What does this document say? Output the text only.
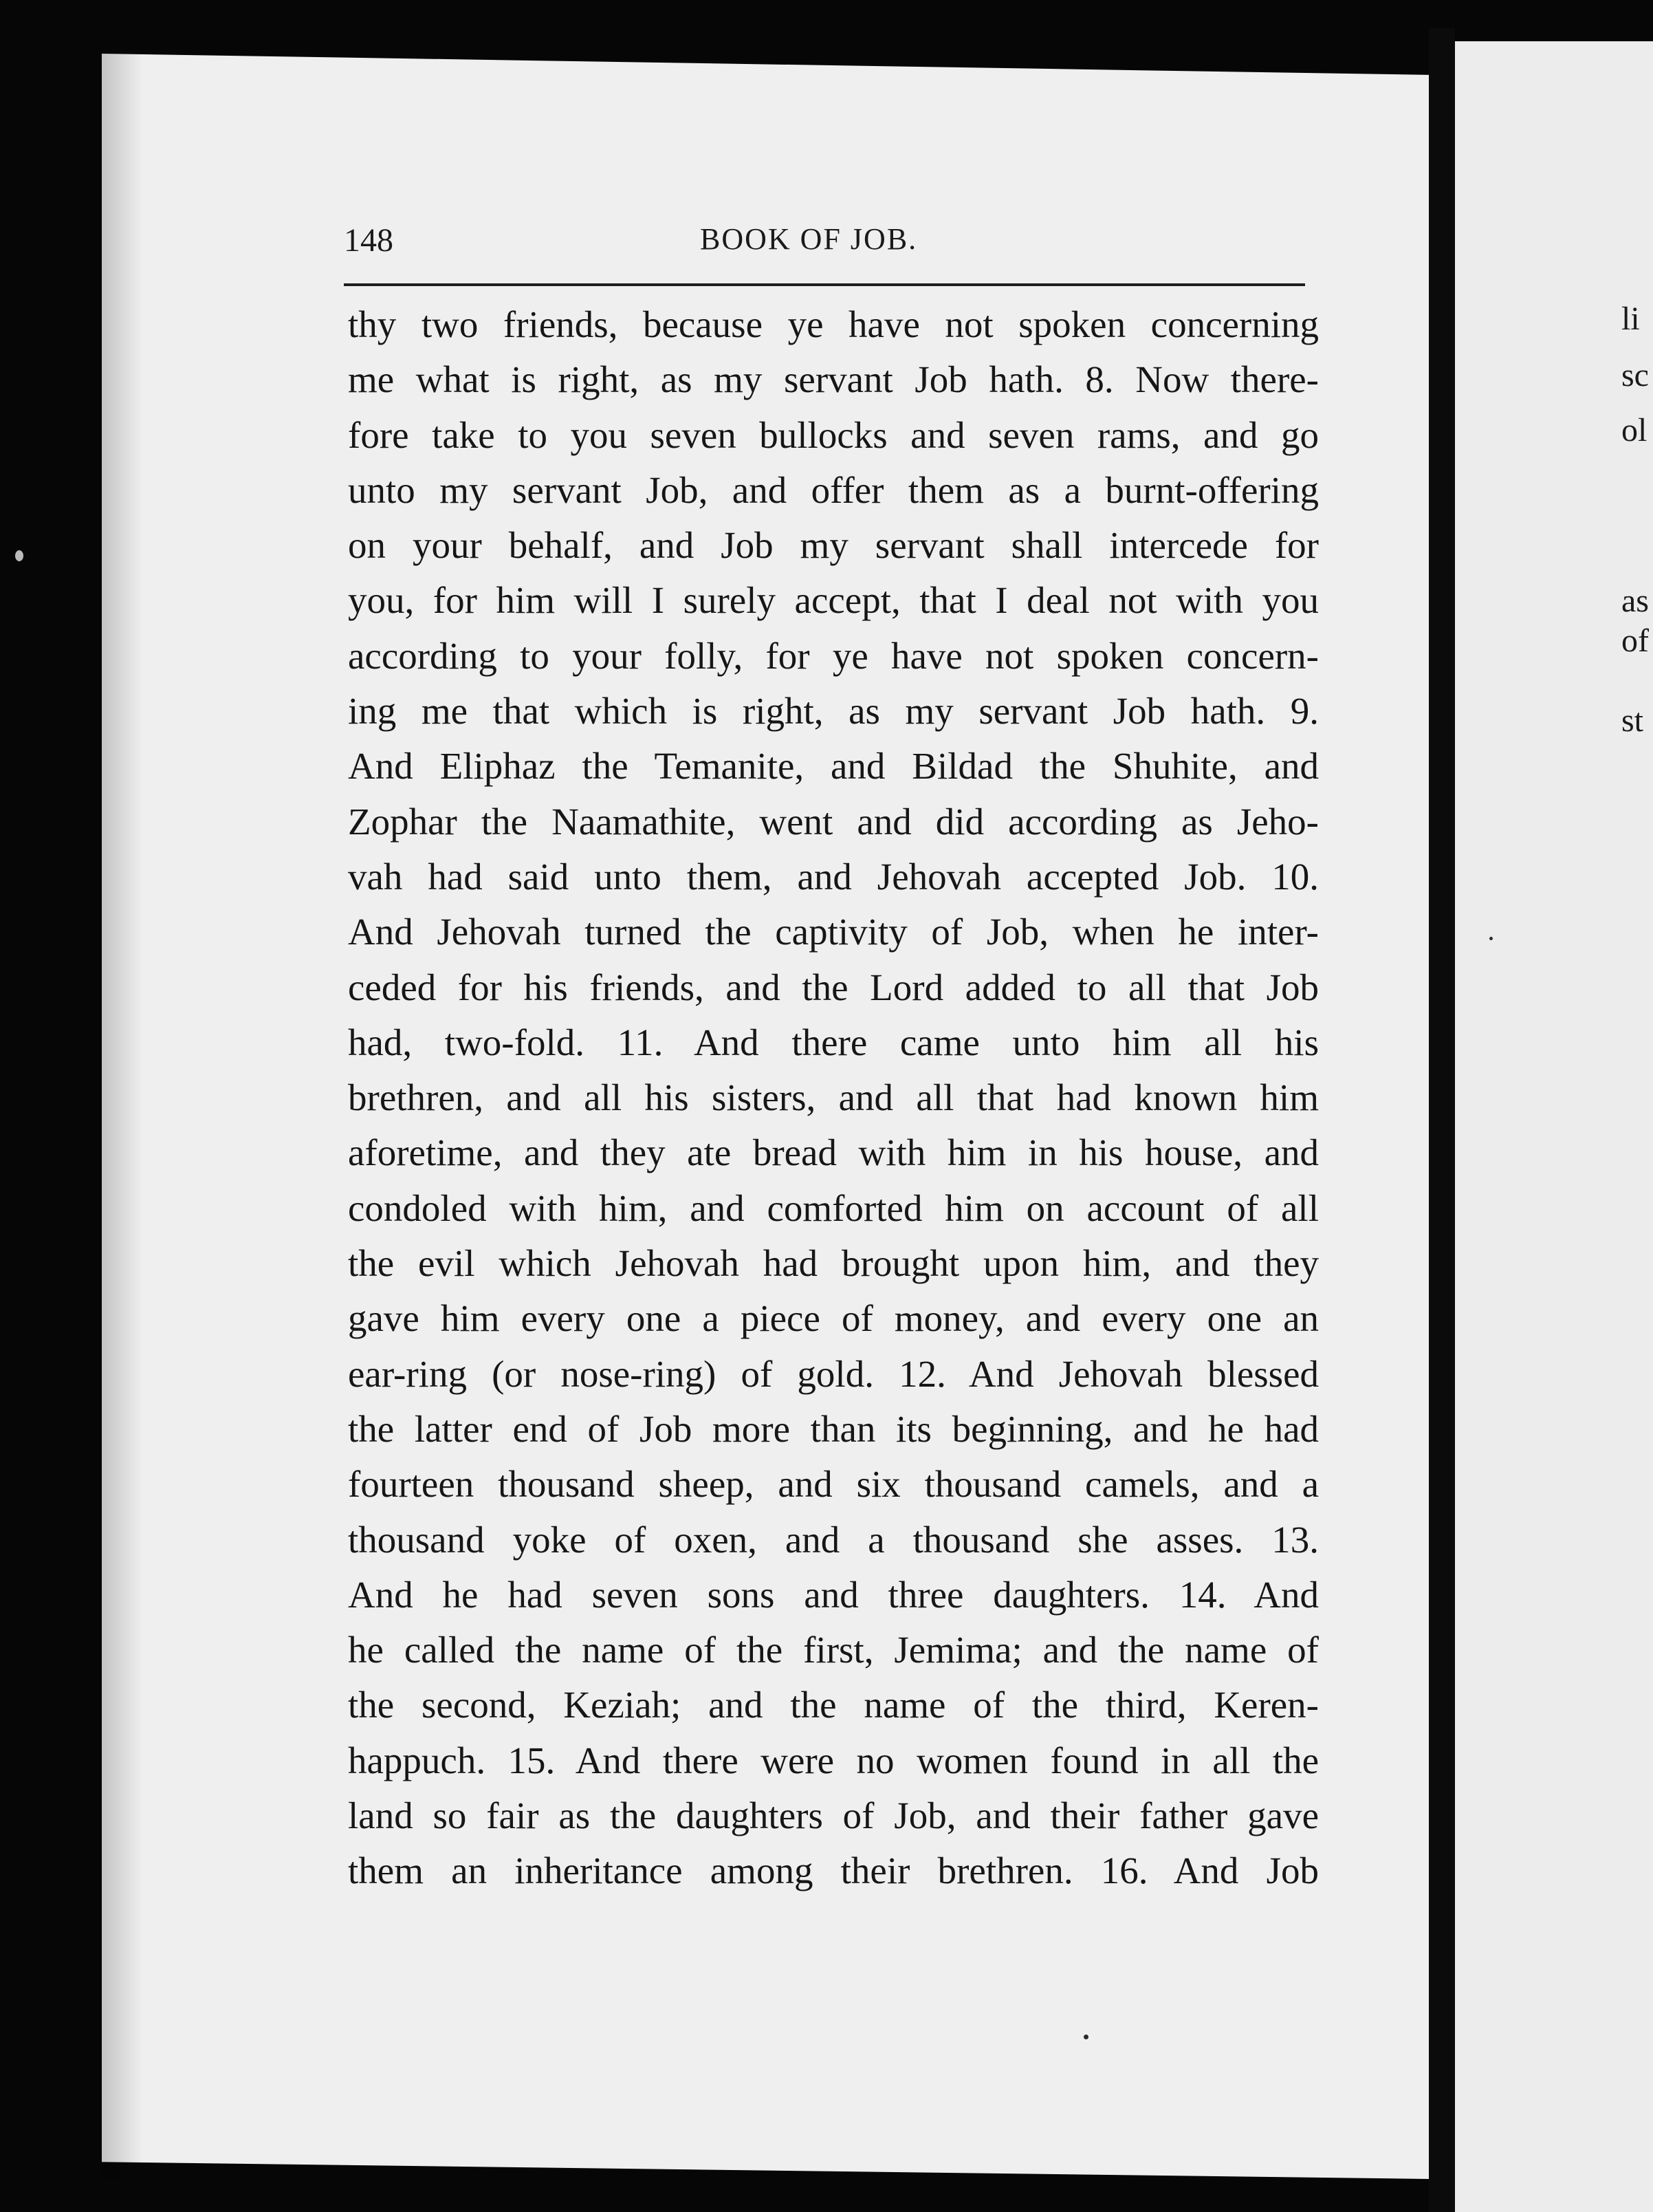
148	BOOK OF JOB.
thy two friends, because ye have not spoken concerning
me what is right, as my servant Job hath. 8. Now there-
fore take to you seven bullocks and seven rams, and go
unto my servant Job, and offer them as a burnt-offering
on your behalf, and Job my servant shall intercede for
you, for him will I surely accept, that I deal not with you
according to your folly, for ye have not spoken concern-
ing me that which is right, as my servant Job hath. 9.
And Eliphaz the Temanite, and Bildad the Shuhite, and
Zophar the Naamathite, went and did according as Jeho-
vah had said unto them, and Jehovah accepted Job. 10.
And Jehovah turned the captivity of Job, when he inter-
ceded for his friends, and the Lord added to all that Job
had, two-fold. 11. And there came unto him all his
brethren, and all his sisters, and all that had known him
aforetime, and they ate bread with him in his house, and
condoled with him, and comforted him on account of all
the evil which Jehovah had brought upon him, and they
gave him every one a piece of money, and every one an
ear-ring (or nose-ring) of gold. 12. And Jehovah blessed
the latter end of Job more than its beginning, and he had
fourteen thousand sheep, and six thousand camels, and a
thousand yoke of oxen, and a thousand she asses. 13.
And he had seven sons and three daughters. 14. And
he called the name of the first, Jemima; and the name of
the second, Keziah; and the name of the third, Keren-
happuch. 15. And there were no women found in all the
land so fair as the daughters of Job, and their father gave
them an inheritance among their brethren. 16. And Job
li
sc
ol
as
of
st
